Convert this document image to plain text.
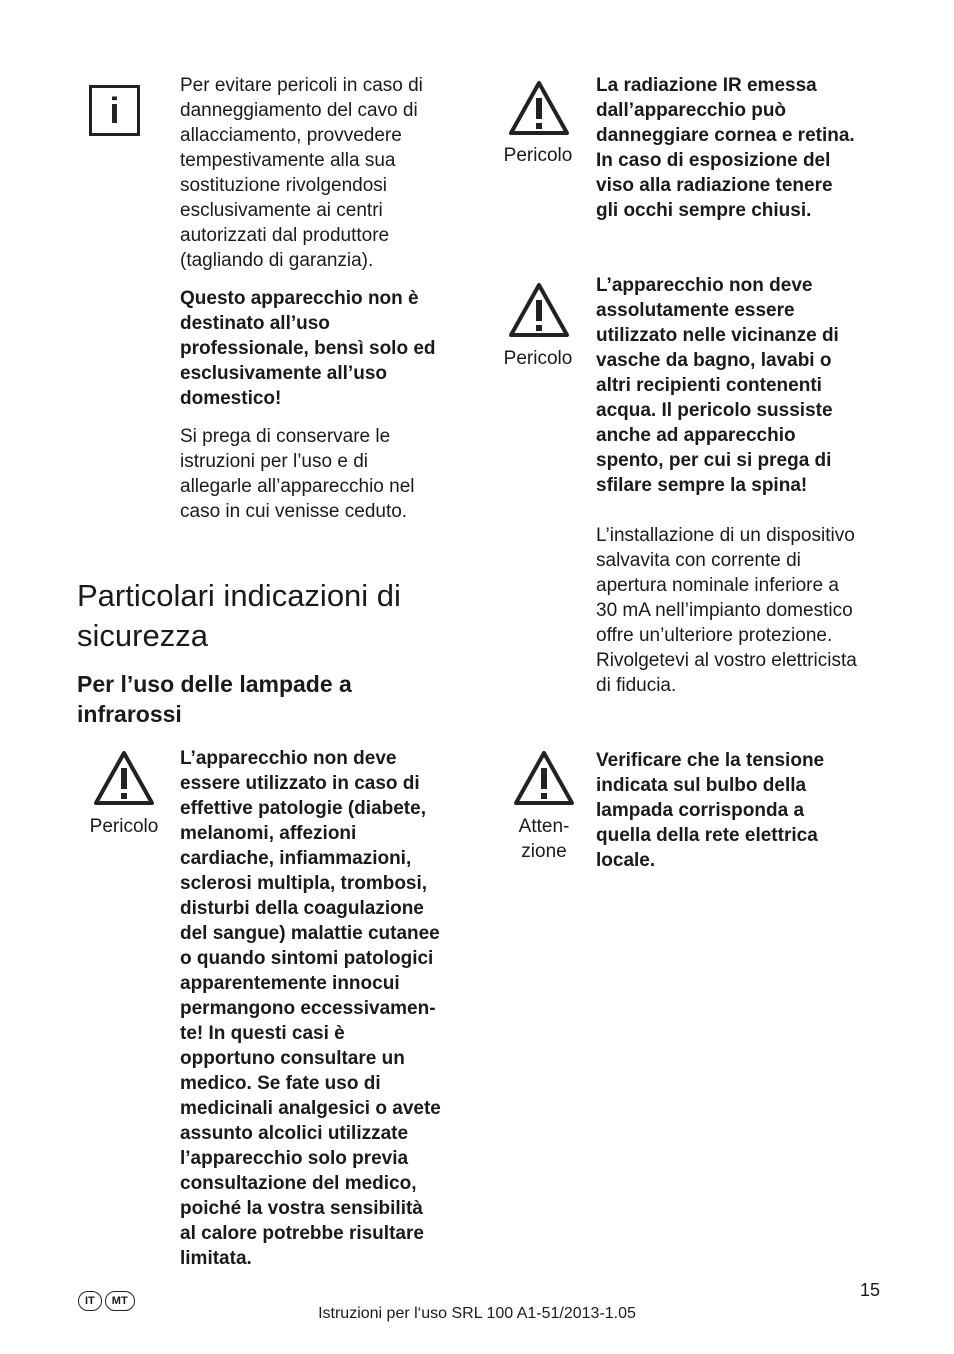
i

Per evitare pericoli in caso di
danneggiamento del cavo di
allacciamento, provvedere
tempestivamente alla sua
sostituzione rivolgendosi
esclusivamente ai centri
autorizzati dal produttore
(tagliando di garanzia).

Questo apparecchio non è
destinato all’uso
professionale, bensì solo ed
esclusivamente all’uso
domestico!

Si prega di conservare le
istruzioni per l’uso e di
allegarle all’apparecchio nel
caso in cui venisse ceduto.

Particolari indicazioni di
sicurezza
Per l’uso delle lampade a
infrarossi
Pericolo

L’apparecchio non deve
essere utilizzato in caso di
effettive patologie (diabete,
melanomi, affezioni
cardiache, infiammazioni,
sclerosi multipla, trombosi,
disturbi della coagulazione
del sangue) malattie cutanee
o quando sintomi patologici
apparentemente innocui
permangono eccessivamen-
te! In questi casi è
opportuno consultare un
medico. Se fate uso di
medicinali analgesici o avete
assunto alcolici utilizzate
l’apparecchio solo previa
consultazione del medico,
poiché la vostra sensibilità
al calore potrebbe risultare
limitata.

Pericolo

La radiazione IR emessa
dall’apparecchio può
danneggiare cornea e retina.
In caso di esposizione del
viso alla radiazione tenere
gli occhi sempre chiusi.

Pericolo

L’apparecchio non deve
assolutamente essere
utilizzato nelle vicinanze di
vasche da bagno, lavabi o
altri recipienti contenenti
acqua. Il pericolo sussiste
anche ad apparecchio
spento, per cui si prega di
sfilare sempre la spina!

L’installazione di un dispositivo
salvavita con corrente di
apertura nominale inferiore a
30 mA nell’impianto domestico
offre un’ulteriore protezione.
Rivolgetevi al vostro elettricista
di fiducia.

Atten-
zione

Verificare che la tensione
indicata sul bulbo della
lampada corrisponda a
quella della rete elettrica
locale.

IT MT
15
Istruzioni per l‘uso SRL 100 A1-51/2013-1.05
